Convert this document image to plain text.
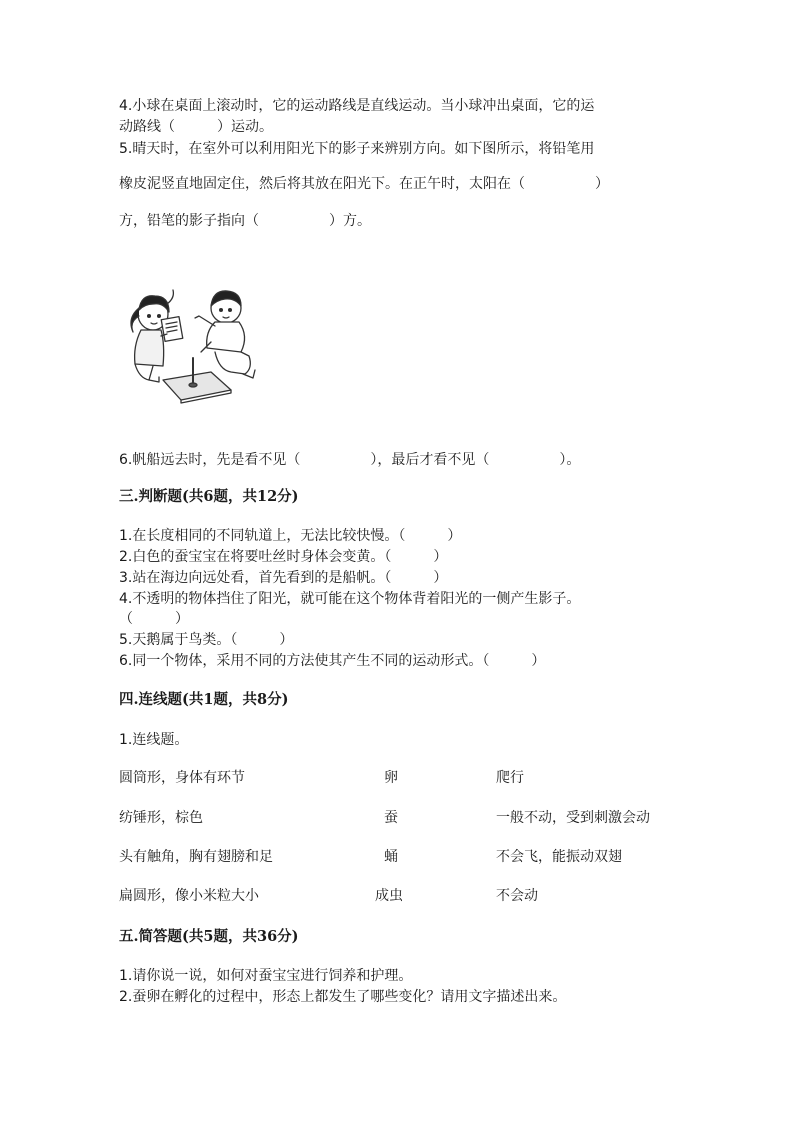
4.小球在桌面上滚动时，它的运动路线是直线运动。当小球冲出桌面，它的运
动路线（　　　）运动。
5.晴天时，在室外可以利用阳光下的影子来辨别方向。如下图所示，将铅笔用
橡皮泥竖直地固定住，然后将其放在阳光下。在正午时，太阳在（　　　　　）
方，铅笔的影子指向（　　　　　）方。
6.帆船远去时，先是看不见（　　　　　），最后才看不见（　　　　　）。
三.判断题(共6题，共12分)
1.在长度相同的不同轨道上，无法比较快慢。（　　　）
2.白色的蚕宝宝在将要吐丝时身体会变黄。（　　　）
3.站在海边向远处看，首先看到的是船帆。（　　　）
4.不透明的物体挡住了阳光，就可能在这个物体背着阳光的一侧产生影子。
（　　　）
5.天鹅属于鸟类。（　　　）
6.同一个物体，采用不同的方法使其产生不同的运动形式。（　　　）
四.连线题(共1题，共8分)
1.连线题。
圆筒形，身体有环节	卵	爬行
纺锤形，棕色	蚕	一般不动，受到刺激会动
头有触角，胸有翅膀和足	蛹	不会飞，能振动双翅
扁圆形，像小米粒大小	成虫	不会动
五.简答题(共5题，共36分)
1.请你说一说，如何对蚕宝宝进行饲养和护理。
2.蚕卵在孵化的过程中，形态上都发生了哪些变化？请用文字描述出来。
